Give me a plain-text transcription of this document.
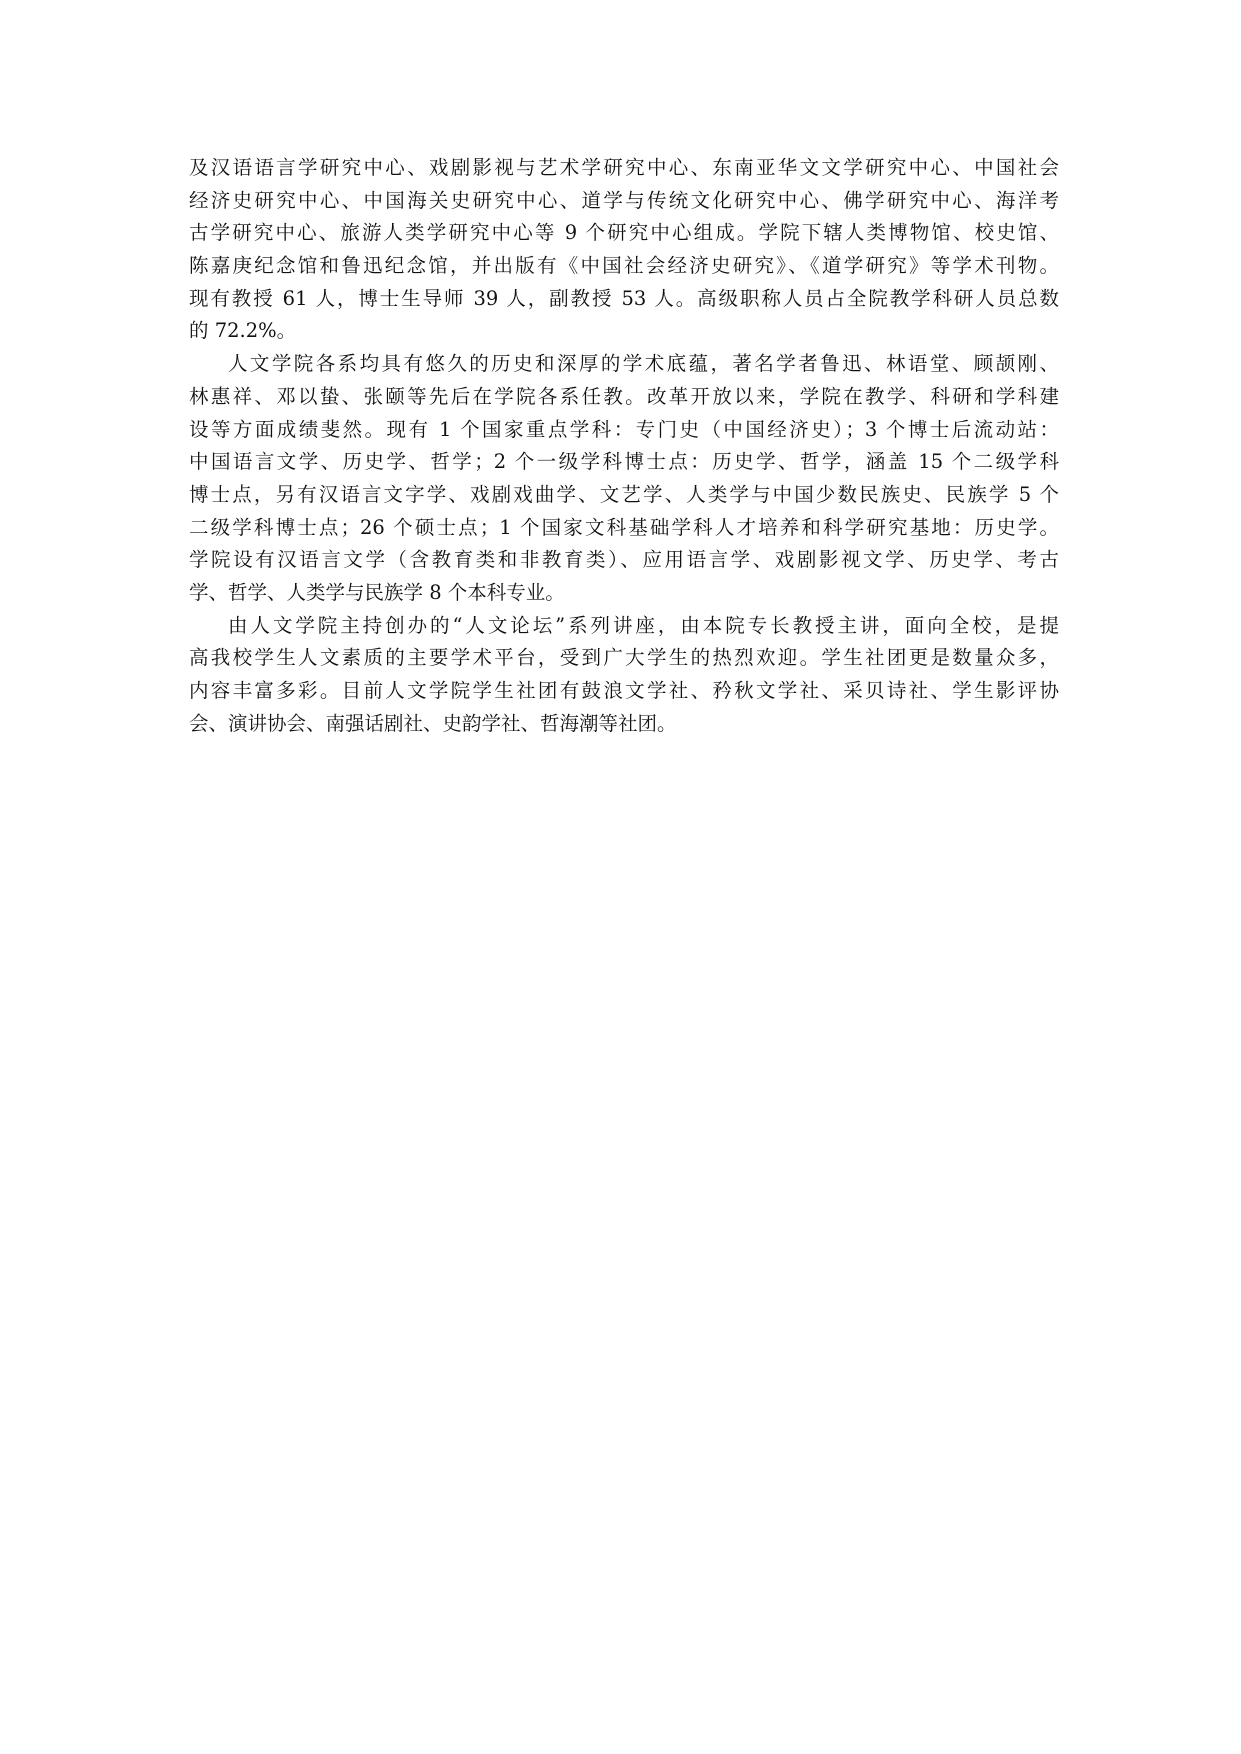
及汉语语言学研究中心、戏剧影视与艺术学研究中心、东南亚华文文学研究中心、中国社会
经济史研究中心、中国海关史研究中心、道学与传统文化研究中心、佛学研究中心、海洋考
古学研究中心、旅游人类学研究中心等 9 个研究中心组成。学院下辖人类博物馆、校史馆、
陈嘉庚纪念馆和鲁迅纪念馆，并出版有《中国社会经济史研究》、《道学研究》等学术刊物。
现有教授 61 人，博士生导师 39 人，副教授 53 人。高级职称人员占全院教学科研人员总数
的 72.2%。
人文学院各系均具有悠久的历史和深厚的学术底蕴，著名学者鲁迅、林语堂、顾颉刚、
林惠祥、邓以蛰、张颐等先后在学院各系任教。改革开放以来，学院在教学、科研和学科建
设等方面成绩斐然。现有 1 个国家重点学科：专门史（中国经济史）；3 个博士后流动站：
中国语言文学、历史学、哲学；2 个一级学科博士点：历史学、哲学，涵盖 15 个二级学科
博士点，另有汉语言文字学、戏剧戏曲学、文艺学、人类学与中国少数民族史、民族学 5 个
二级学科博士点；26 个硕士点；1 个国家文科基础学科人才培养和科学研究基地：历史学。
学院设有汉语言文学（含教育类和非教育类）、应用语言学、戏剧影视文学、历史学、考古
学、哲学、人类学与民族学 8 个本科专业。
由人文学院主持创办的“人文论坛”系列讲座，由本院专长教授主讲，面向全校，是提
高我校学生人文素质的主要学术平台，受到广大学生的热烈欢迎。学生社团更是数量众多，
内容丰富多彩。目前人文学院学生社团有鼓浪文学社、矜秋文学社、采贝诗社、学生影评协
会、演讲协会、南强话剧社、史韵学社、哲海潮等社团。
